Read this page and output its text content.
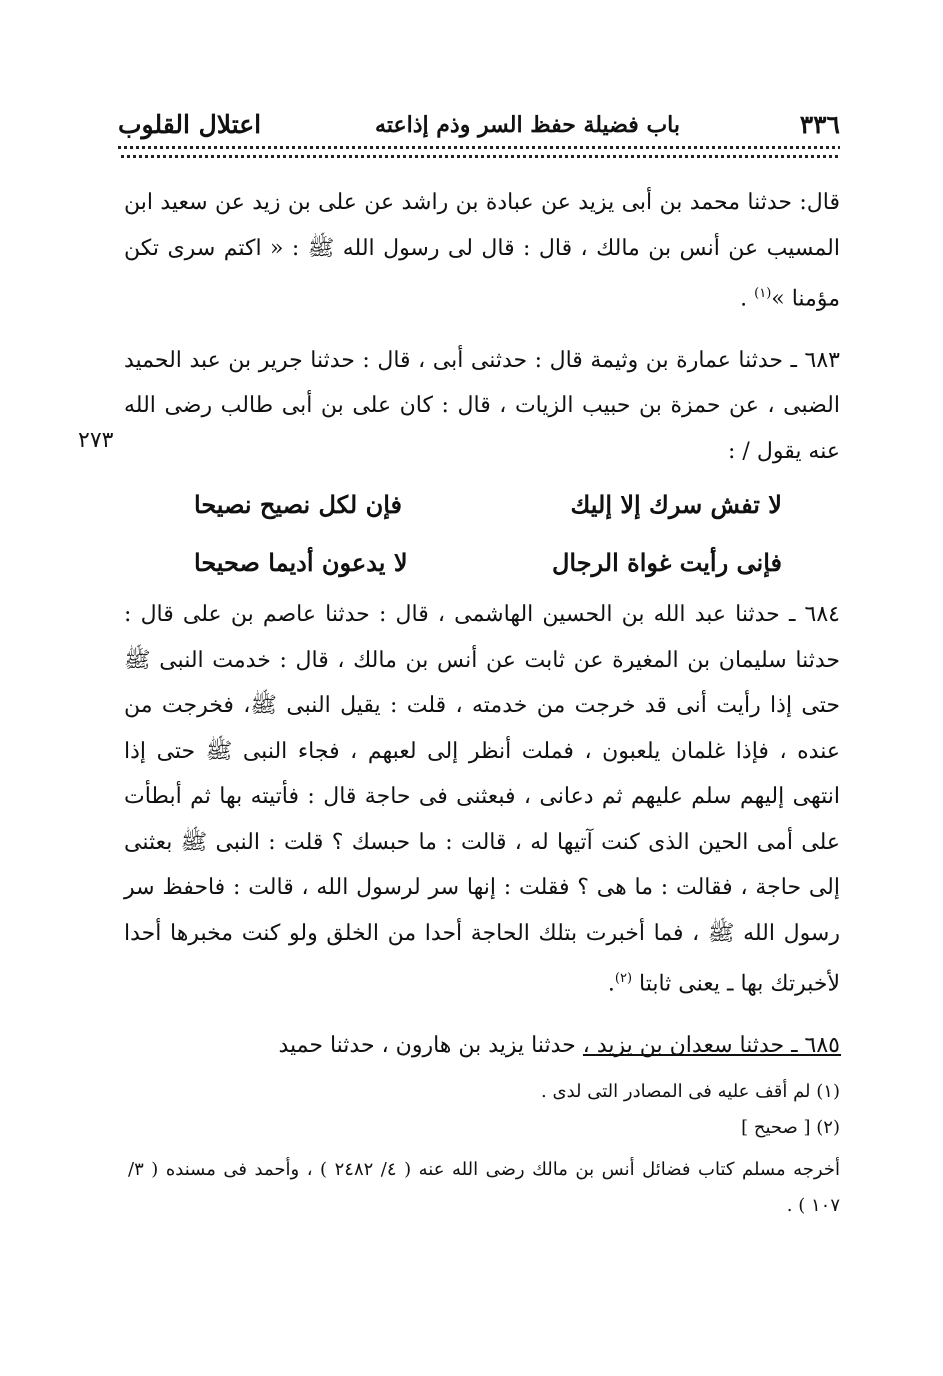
٣٣٦
باب فضيلة حفظ السر وذم إذاعته
اعتلال القلوب
٢٧٣

قال: حدثنا محمد بن أبى يزيد عن عبادة بن راشد عن على بن زيد عن سعيد ابن المسيب عن أنس بن مالك ، قال : قال لى رسول الله ﷺ : « اكتم سرى تكن مؤمنا »$^{(١)}$ .

٦٨٣ ـ حدثنا عمارة بن وثيمة قال : حدثنى أبى ، قال : حدثنا جرير بن عبد الحميد الضبى ، عن حمزة بن حبيب الزيات ، قال : كان على بن أبى طالب رضى الله عنه يقول / :

لا تفش سرك إلا إليك
فإن لكل نصيح نصيحا
فإنى رأيت غواة الرجال
لا يدعون أديما صحيحا

٦٨٤ ـ حدثنا عبد الله بن الحسين الهاشمى ، قال : حدثنا عاصم بن على قال : حدثنا سليمان بن المغيرة عن ثابت عن أنس بن مالك ، قال : خدمت النبى ﷺ حتى إذا رأيت أنى قد خرجت من خدمته ، قلت : يقيل النبى ﷺ، فخرجت من عنده ، فإذا غلمان يلعبون ، فملت أنظر إلى لعبهم ، فجاء النبى ﷺ حتى إذا انتهى إليهم سلم عليهم ثم دعانى ، فبعثنى فى حاجة قال : فأتيته بها ثم أبطأت على أمى الحين الذى كنت آتيها له ، قالت : ما حبسك ؟ قلت : النبى ﷺ بعثنى إلى حاجة ، فقالت : ما هى ؟ فقلت : إنها سر لرسول الله ، قالت : فاحفظ سر رسول الله ﷺ ، فما أخبرت بتلك الحاجة أحدا من الخلق ولو كنت مخبرها أحدا لأخبرتك بها ـ يعنى ثابتا $^{(٢)}$.

٦٨٥ ـ حدثنا سعدان بن يزيد ، حدثنا يزيد بن هارون ، حدثنا حميد

(١) لم أقف عليه فى المصادر التى لدى .

(٢) [ صحيح ]

أخرجه مسلم كتاب فضائل أنس بن مالك رضى الله عنه ( ٤/ ٢٤٨٢ ) ، وأحمد فى مسنده ( ٣/ ١٠٧ ) .
